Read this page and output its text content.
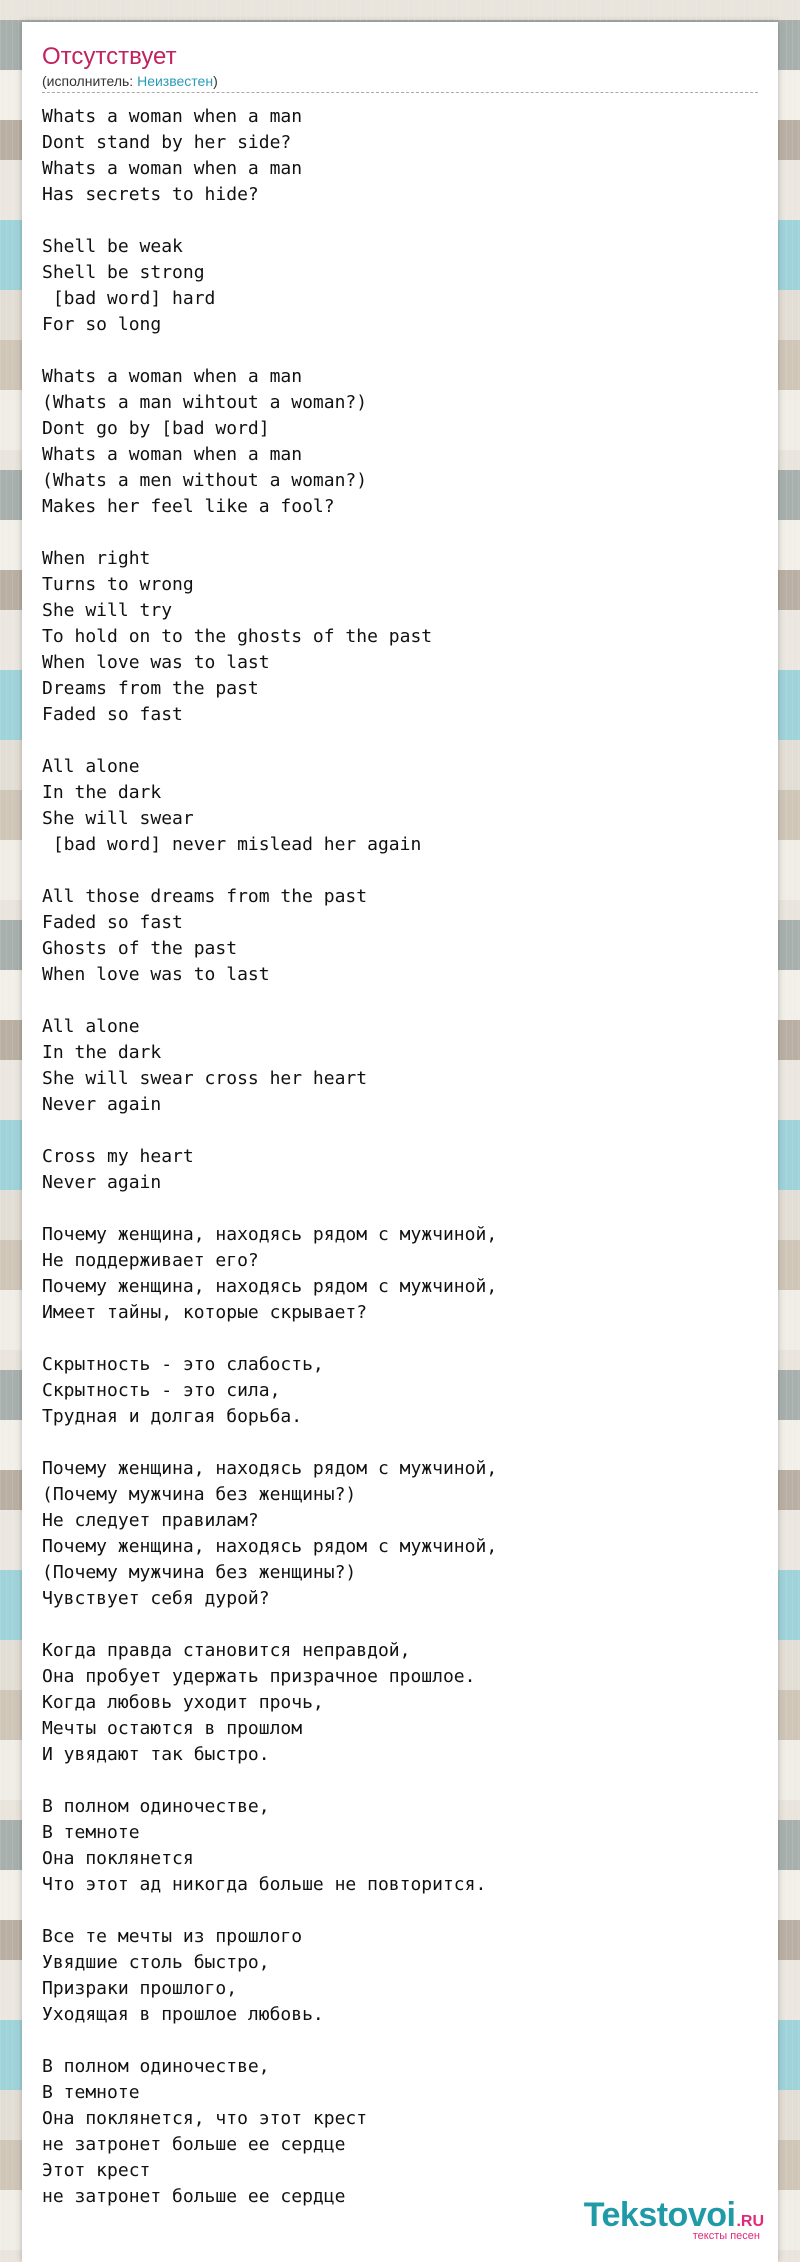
Отсутствует
(исполнитель: Неизвестен)
Whats a woman when a man
Dont stand by her side?
Whats a woman when a man
Has secrets to hide?

Shell be weak
Shell be strong
[bad word] hard
For so long

Whats a woman when a man
(Whats a man wihtout a woman?)
Dont go by [bad word]
Whats a woman when a man
(Whats a men without a woman?)
Makes her feel like a fool?

When right
Turns to wrong
She will try
To hold on to the ghosts of the past
When love was to last
Dreams from the past
Faded so fast

All alone
In the dark
She will swear
[bad word] never mislead her again

All those dreams from the past
Faded so fast
Ghosts of the past
When love was to last

All alone
In the dark
She will swear cross her heart
Never again

Cross my heart
Never again

Почему женщина, находясь рядом с мужчиной,
Не поддерживает его?
Почему женщина, находясь рядом с мужчиной,
Имеет тайны, которые скрывает?

Скрытность - это слабость,
Скрытность - это сила,
Трудная и долгая борьба.

Почему женщина, находясь рядом с мужчиной,
(Почему мужчина без женщины?)
Не следует правилам?
Почему женщина, находясь рядом с мужчиной,
(Почему мужчина без женщины?)
Чувствует себя дурой?

Когда правда становится неправдой,
Она пробует удержать призрачное прошлое.
Когда любовь уходит прочь,
Мечты остаются в прошлом
И увядают так быстро.

В полном одиночестве,
В темноте
Она поклянется
Что этот ад никогда больше не повторится.

Все те мечты из прошлого
Увядшие столь быстро,
Призраки прошлого,
Уходящая в прошлое любовь.

В полном одиночестве,
В темноте
Она поклянется, что этот крест
не затронет больше ее сердце
Этот крест
не затронет больше ее сердце	Tekstovoi.RU
тексты песен
